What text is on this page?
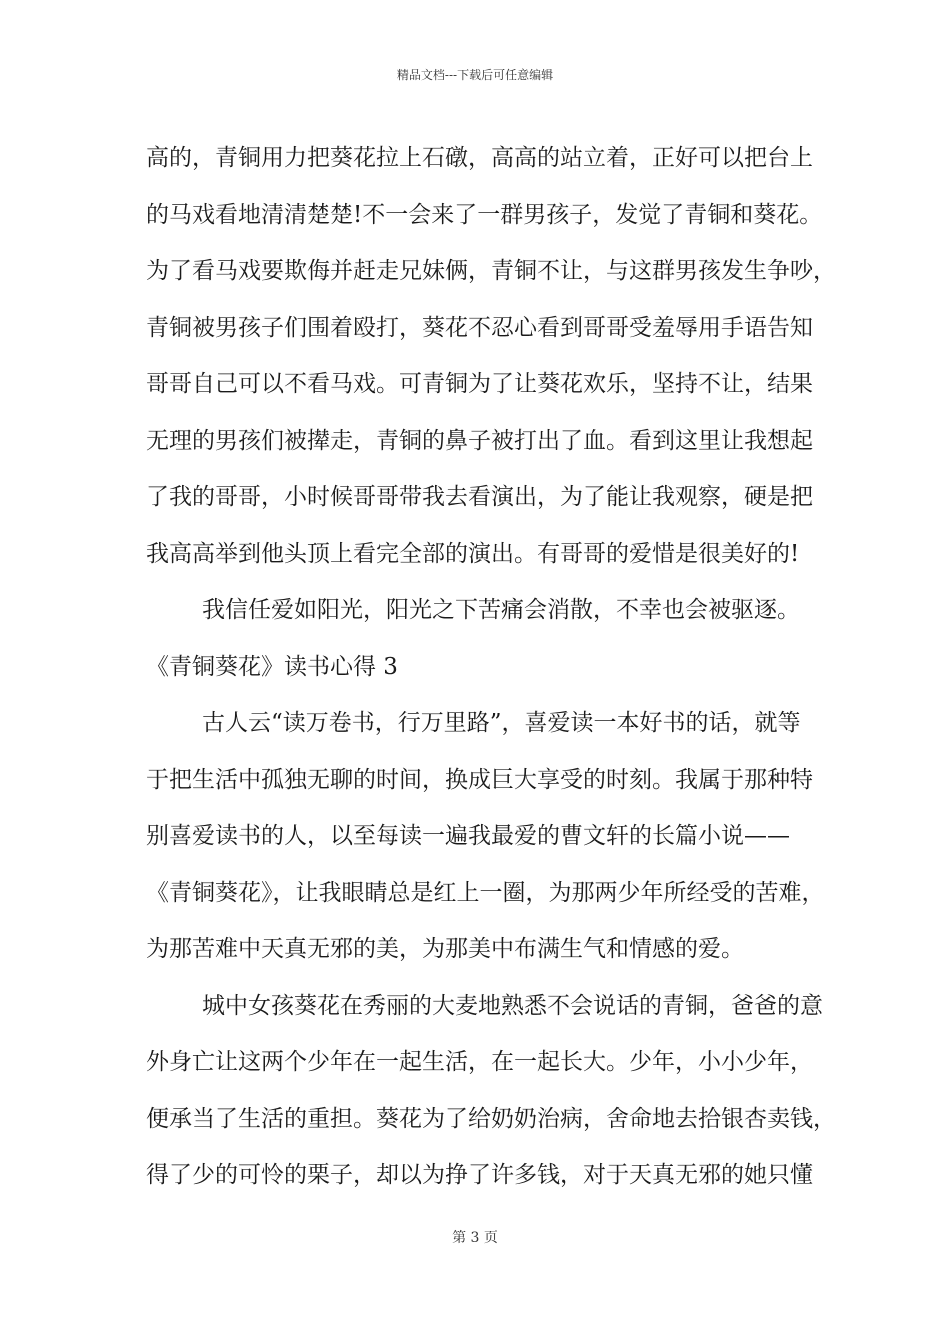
精品文档---下载后可任意编辑
高的，青铜用力把葵花拉上石礅，高高的站立着，正好可以把台上
的马戏看地清清楚楚!不一会来了一群男孩子，发觉了青铜和葵花。
为了看马戏要欺侮并赶走兄妹俩，青铜不让，与这群男孩发生争吵，
青铜被男孩子们围着殴打，葵花不忍心看到哥哥受羞辱用手语告知
哥哥自己可以不看马戏。可青铜为了让葵花欢乐，坚持不让，结果
无理的男孩们被撵走，青铜的鼻子被打出了血。看到这里让我想起
了我的哥哥，小时候哥哥带我去看演出，为了能让我观察，硬是把
我高高举到他头顶上看完全部的演出。有哥哥的爱惜是很美好的!
我信任爱如阳光，阳光之下苦痛会消散，不幸也会被驱逐。
《青铜葵花》读书心得 3
古人云“读万卷书，行万里路”，喜爱读一本好书的话，就等
于把生活中孤独无聊的时间，换成巨大享受的时刻。我属于那种特
别喜爱读书的人，以至每读一遍我最爱的曹文轩的长篇小说——
《青铜葵花》，让我眼睛总是红上一圈，为那两少年所经受的苦难，
为那苦难中天真无邪的美，为那美中布满生气和情感的爱。
城中女孩葵花在秀丽的大麦地熟悉不会说话的青铜，爸爸的意
外身亡让这两个少年在一起生活，在一起长大。少年，小小少年，
便承当了生活的重担。葵花为了给奶奶治病，舍命地去拾银杏卖钱，
得了少的可怜的栗子，却以为挣了许多钱，对于天真无邪的她只懂
第 3 页
